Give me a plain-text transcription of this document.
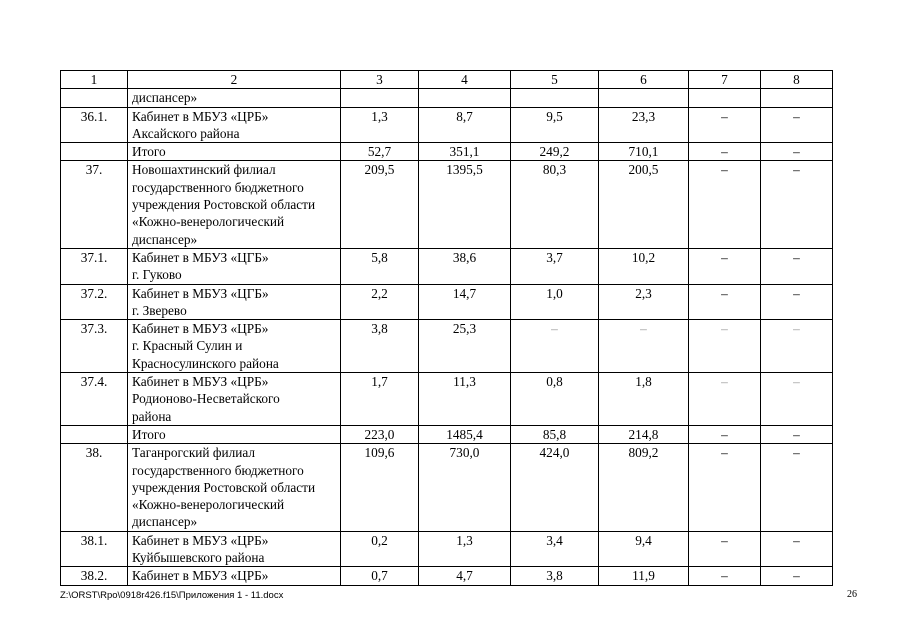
1	2	3	4	5	6	7	8

	диспансер»						

36.1.	Кабинет в МБУЗ «ЦРБ»
Аксайского района	1,3	8,7	9,5	23,3	–	–

	Итого	52,7	351,1	249,2	710,1	–	–
37.	Новошахтинский филиал
государственного бюджетного
учреждения Ростовской области
«Кожно-венерологический
диспансер»	209,5	1395,5	80,3	200,5	–	–
37.1.	Кабинет в МБУЗ «ЦГБ»
г. Гуково	5,8	38,6	3,7	10,2	–	–
37.2.	Кабинет в МБУЗ «ЦГБ»
г. Зверево	2,2	14,7	1,0	2,3	–	–
37.3.	Кабинет в МБУЗ «ЦРБ»
г. Красный Сулин и
Красносулинского района	3,8	25,3	–	–	–	–
37.4.	Кабинет в МБУЗ «ЦРБ»
Родионово-Несветайского
района	1,7	11,3	0,8	1,8	–	–

	Итого	223,0	1485,4	85,8	214,8	–	–
38.	Таганрогский филиал
государственного бюджетного
учреждения Ростовской области
«Кожно-венерологический
диспансер»	109,6	730,0	424,0	809,2	–	–
38.1.	Кабинет в МБУЗ «ЦРБ»
Куйбышевского района	0,2	1,3	3,4	9,4	–	–
38.2.	Кабинет в МБУЗ «ЦРБ»	0,7	4,7	3,8	11,9	–	–
Z:\ORST\Rpo\0918r426.f15\Приложения 1 - 11.docx	26
